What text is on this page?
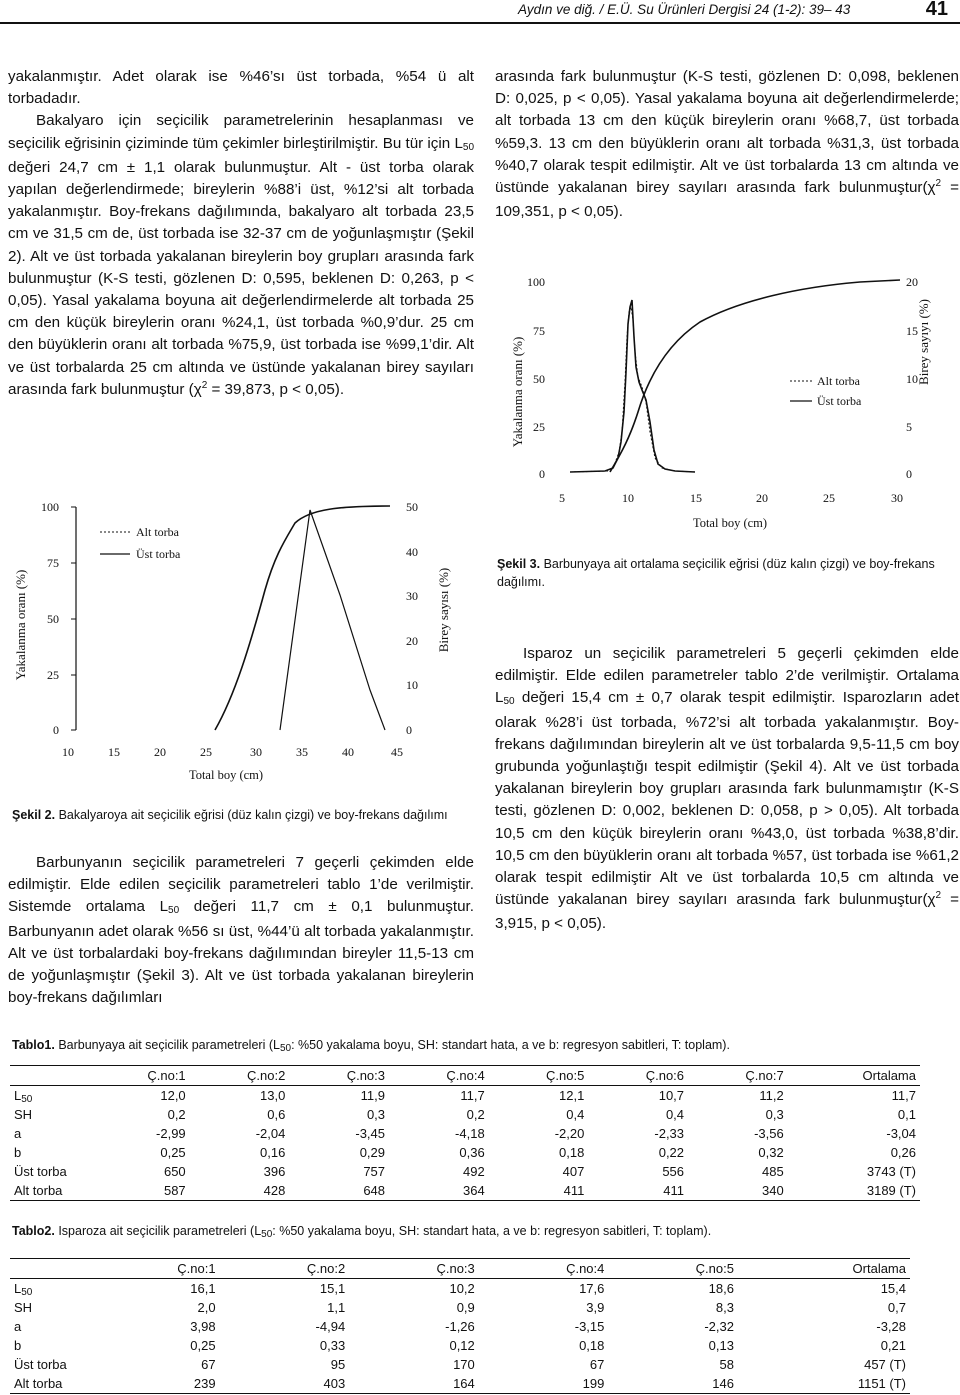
Aydın ve diğ. / E.Ü. Su Ürünleri Dergisi 24 (1-2): 39– 43	41

yakalanmıştır. Adet olarak ise %46’sı üst torbada, %54 ü alt torbadadır.

Bakalyaro için seçicilik parametrelerinin hesaplanması ve seçicilik eğrisinin çiziminde tüm çekimler birleştirilmiştir. Bu tür için $L_{50}$ değeri 24,7 cm ± 1,1 olarak bulunmuştur. Alt - üst torba olarak yapılan değerlendirmede; bireylerin %88’i üst, %12’si alt torbada yakalanmıştır. Boy-frekans dağılımında, bakalyaro alt torbada 23,5 cm ve 31,5 cm de, üst torbada ise 32-37 cm de yoğunlaşmıştır (Şekil 2). Alt ve üst torbada yakalanan bireylerin boy grupları arasında fark bulunmuştur (K-S testi, gözlenen D: 0,595, beklenen D: 0,263, p < 0,05). Yasal yakalama boyuna ait değerlendirmelerde alt torbada 25 cm den küçük bireylerin oranı %24,1, üst torbada %0,9’dur. 25 cm den büyüklerin oranı alt torbada %75,9, üst torbada ise %99,1’dir. Alt ve üst torbalarda 25 cm altında ve üstünde yakalanan birey sayıları arasında fark bulunmuştur ($\chi^2 = 39,873$, p < 0,05).

arasında fark bulunmuştur (K-S testi, gözlenen D: 0,098, beklenen D: 0,025, p < 0,05). Yasal yakalama boyuna ait değerlendirmelerde; alt torbada 13 cm den küçük bireylerin oranı %68,7, üst torbada %59,3. 13 cm den büyüklerin oranı alt torbada %31,3, üst torbada %40,7 olarak tespit edilmiştir. Alt ve üst torbalarda 13 cm altında ve üstünde yakalanan birey sayıları arasında fark $bulunmuştur(\chi^2 = 109,351$, p < 0,05).

Yakalanma oranı (%)	Birey sayıyı (%)
100
75
50
25
0
20
15
10
5
0
5	10	15	20	25	30
Total boy (cm)
Alt torba
Üst torba
Şekil 3. Barbunyaya ait ortalama seçicilik eğrisi (düz kalın çizgi) ve boy-frekans dağılımı.
Yakalanma oranı (%)	Birey sayısı (%)
100
75
50
25
0
50
40
30
20
10
0
10	15	20	25	30	35	40	45
Total boy (cm)
Alt torba
Üst torba
Şekil 2. Bakalyaroya ait seçicilik eğrisi (düz kalın çizgi) ve boy-frekans dağılımı

Barbunyanın seçicilik parametreleri 7 geçerli çekimden elde edilmiştir. Elde edilen seçicilik parametreleri tablo 1’de verilmiştir. Sistemde ortalama $L_{50}$ değeri 11,7 cm ± 0,1 bulunmuştur. Barbunyanın adet olarak %56 sı üst, %44’ü alt torbada yakalanmıştır. Alt ve üst torbalardaki boy-frekans dağılımından bireyler 11,5-13 cm de yoğunlaşmıştır (Şekil 3). Alt ve üst torbada yakalanan bireylerin boy-frekans dağılımları

Isparoz un seçicilik parametreleri 5 geçerli çekimden elde edilmiştir. Elde edilen parametreler tablo 2’de verilmiştir. Ortalama $L_{50}$ değeri 15,4 cm ± 0,7 olarak tespit edilmiştir. Isparozların adet olarak %28’i üst torbada, %72’si alt torbada yakalanmıştır. Boy-frekans dağılımından bireylerin alt ve üst torbalarda 9,5-11,5 cm boy grubunda yoğunlaştığı tespit edilmiştir (Şekil 4). Alt ve üst torbada yakalanan bireylerin boy grupları arasında fark bulunmamıştır (K-S testi, gözlenen D: 0,002, beklenen D: 0,058, p > 0,05). Alt torbada 10,5 cm den küçük bireylerin oranı %43,0, üst torbada %38,8’dir. 10,5 cm den büyüklerin oranı alt torbada %57, üst torbada ise %61,2 olarak tespit edilmiştir Alt ve üst torbalarda 10,5 cm altında ve üstünde yakalanan birey sayıları arasında fark $bulunmuştur(\chi^2 = 3,915$, p < 0,05).

Tablo1. Barbunyaya ait seçicilik parametreleri ($L_{50}$: %50 yakalama boyu, SH: standart hata, a ve b: regresyon sabitleri, T: toplam).
	Ç.no:1	Ç.no:2	Ç.no:3	Ç.no:4	Ç.no:5	Ç.no:6	Ç.no:7	Ortalama
$L_{50}$	12,0	13,0	11,9	11,7	12,1	10,7	11,2	11,7
SH	0,2	0,6	0,3	0,2	0,4	0,4	0,3	0,1
a	-2,99	-2,04	-3,45	-4,18	-2,20	-2,33	-3,56	-3,04
b	0,25	0,16	0,29	0,36	0,18	0,22	0,32	0,26
Üst torba	650	396	757	492	407	556	485	3743 (T)
Alt torba	587	428	648	364	411	411	340	3189 (T)
Tablo2. Isparoza ait seçicilik parametreleri ($L_{50}$: %50 yakalama boyu, SH: standart hata, a ve b: regresyon sabitleri, T: toplam).
	Ç.no:1	Ç.no:2	Ç.no:3	Ç.no:4	Ç.no:5	Ortalama
$L_{50}$	16,1	15,1	10,2	17,6	18,6	15,4
SH	2,0	1,1	0,9	3,9	8,3	0,7
a	3,98	-4,94	-1,26	-3,15	-2,32	-3,28
b	0,25	0,33	0,12	0,18	0,13	0,21
Üst torba	67	95	170	67	58	457 (T)
Alt torba	239	403	164	199	146	1151 (T)
